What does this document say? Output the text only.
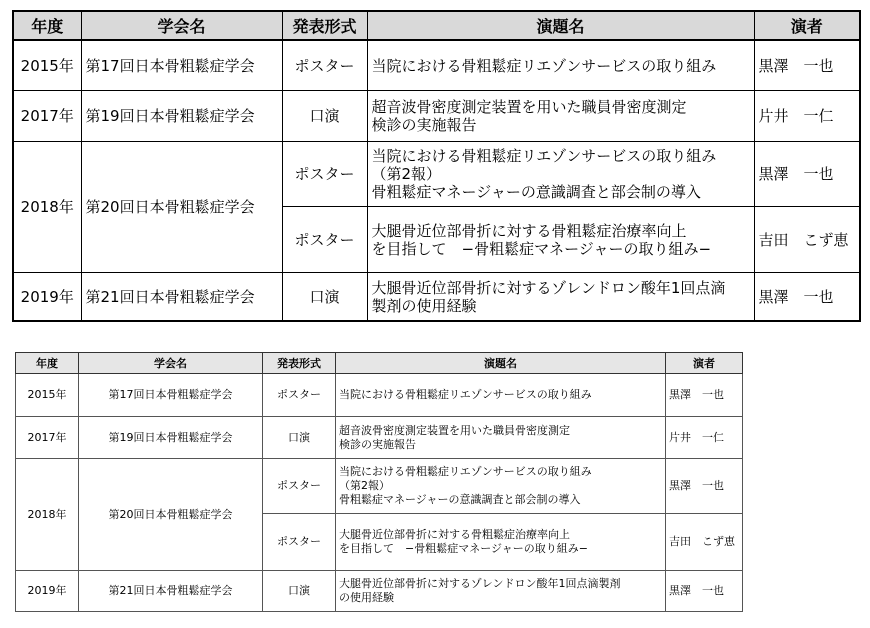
年度	学会名	発表形式	演題名	演者
2015年	第17回日本骨粗鬆症学会	ポスター	当院における骨粗鬆症リエゾンサービスの取り組み	黒澤　一也
2017年	第19回日本骨粗鬆症学会	口演	超音波骨密度測定装置を用いた職員骨密度測定
検診の実施報告	片井　一仁
2018年	第20回日本骨粗鬆症学会	ポスター	当院における骨粗鬆症リエゾンサービスの取り組み
（第2報）
骨粗鬆症マネージャーの意識調査と部会制の導入	黒澤　一也
		ポスター	大腿骨近位部骨折に対する骨粗鬆症治療率向上
を目指して　−骨粗鬆症マネージャーの取り組み−	吉田　こず恵
2019年	第21回日本骨粗鬆症学会	口演	大腿骨近位部骨折に対するゾレンドロン酸年1回点滴
製剤の使用経験	黒澤　一也
年度	学会名	発表形式	演題名	演者
2015年	第17回日本骨粗鬆症学会	ポスター	当院における骨粗鬆症リエゾンサービスの取り組み	黒澤　一也
2017年	第19回日本骨粗鬆症学会	口演	超音波骨密度測定装置を用いた職員骨密度測定
検診の実施報告	片井　一仁
2018年	第20回日本骨粗鬆症学会	ポスター	当院における骨粗鬆症リエゾンサービスの取り組み
（第2報）
骨粗鬆症マネージャーの意識調査と部会制の導入	黒澤　一也
		ポスター	大腿骨近位部骨折に対する骨粗鬆症治療率向上
を目指して　−骨粗鬆症マネージャーの取り組み−	吉田　こず恵
2019年	第21回日本骨粗鬆症学会	口演	大腿骨近位部骨折に対するゾレンドロン酸年1回点滴製剤
の使用経験	黒澤　一也
